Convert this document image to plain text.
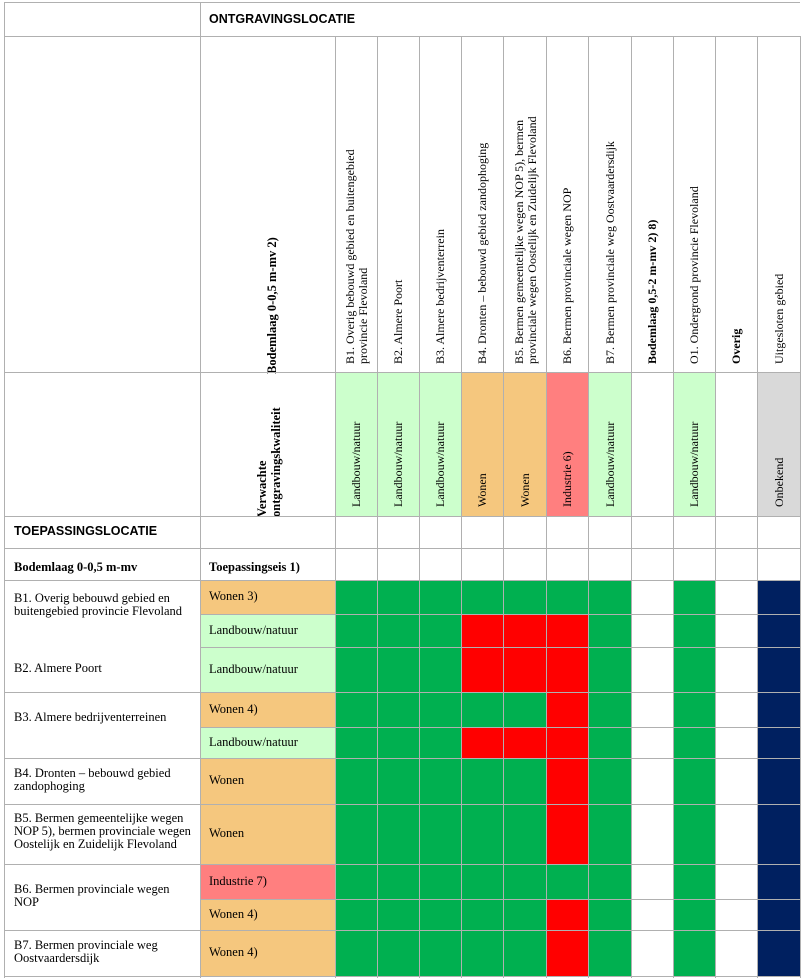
ONTGRAVINGSLOCATIE
TOEPASSINGSLOCATIE
Bodemlaag 0-0,5 m-mv 2)
Verwachte ontgravingskwaliteit
Bodemlaag 0-0,5 m-mv	Toepassingseis 1)
Landbouw/natuur
B1. Overig bebouwd gebied en buitengebied provincie Flevoland
Landbouw/natuur
B2. Almere Poort
Landbouw/natuur
B3. Almere bedrijventerrein
Wonen
B4. Dronten – bebouwd gebied zandophoging
Wonen
B5. Bermen gemeentelijke wegen NOP 5), bermen provinciale wegen Oostelijk en Zuidelijk Flevoland
Industrie 6)
B6. Bermen provinciale wegen NOP
Landbouw/natuur
B7. Bermen provinciale weg Oostvaardersdijk Bodemlaag 0,5-2 m-mv 2) 8)
Landbouw/natuur
O1. Ondergrond provincie Flevoland Overig
Onbekend
Uitgesloten gebied
Wonen 3)
Landbouw/natuur
Landbouw/natuur
Wonen 4)
Landbouw/natuur
Wonen
Wonen
Industrie 7)
Wonen 4)
Wonen 4)
B1. Overig bebouwd gebied en buitengebied provincie Flevoland
B2. Almere Poort
B3. Almere bedrijventerreinen
B4. Dronten – bebouwd gebied zandophoging
B5. Bermen gemeentelijke wegen NOP 5), bermen provinciale wegen Oostelijk en Zuidelijk Flevoland
B6. Bermen provinciale wegen NOP
B7. Bermen provinciale weg Oostvaardersdijk
